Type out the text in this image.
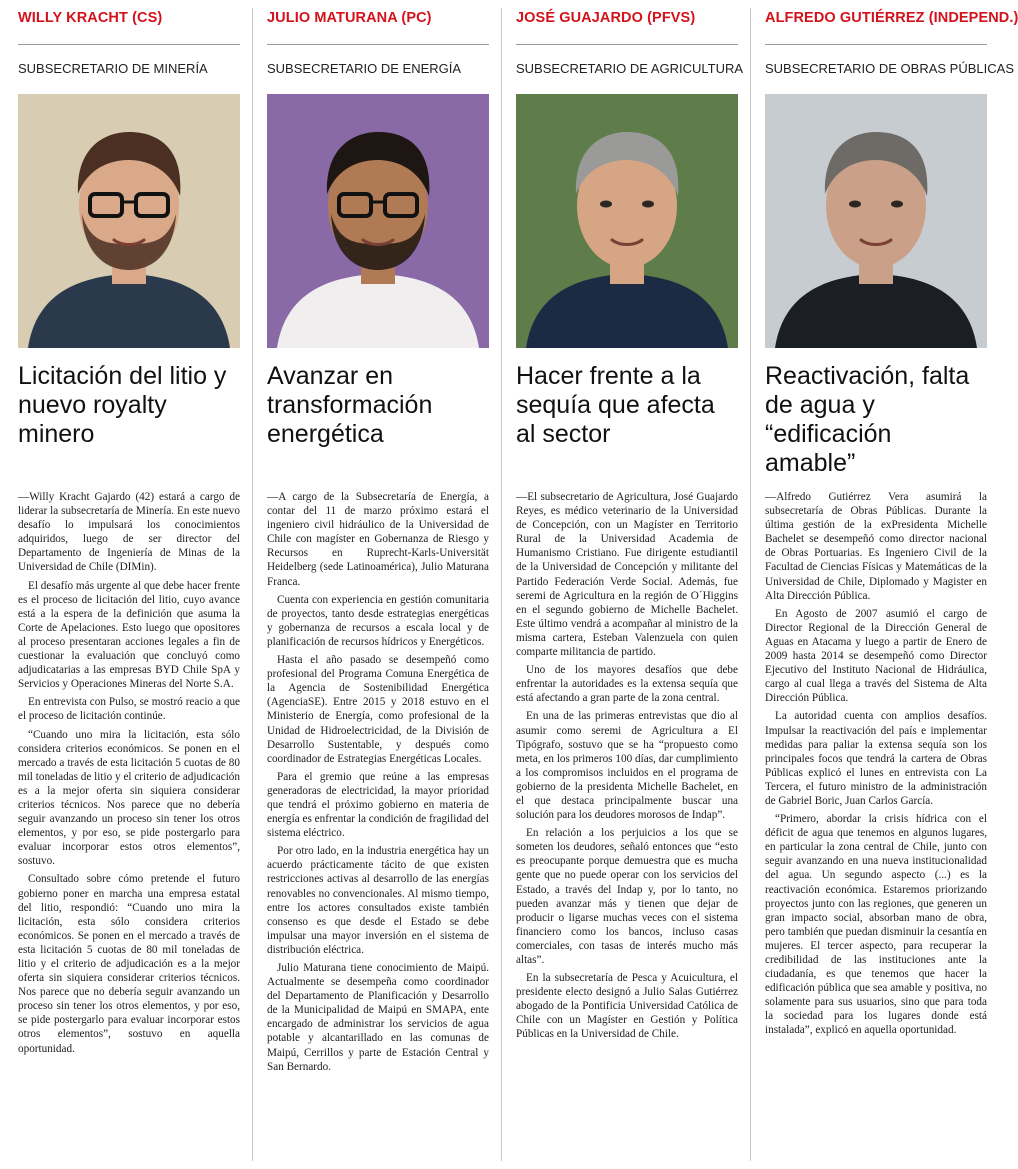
WILLY KRACHT (CS)
SUBSECRETARIO DE MINERÍA
Licitación del litio y nuevo royalty minero

—Willy Kracht Gajardo (42) estará a cargo de liderar la subsecretaría de Minería. En este nuevo desafío lo impulsará los conocimientos adquiridos, luego de ser director del Departamento de Ingeniería de Minas de la Universidad de Chile (DIMin).

El desafío más urgente al que debe hacer frente es el proceso de licitación del litio, cuyo avance está a la espera de la definición que asuma la Corte de Apelaciones. Esto luego que opositores al proceso presentaran acciones legales a fin de cuestionar la evaluación que concluyó como adjudicatarias a las empresas BYD Chile SpA y Servicios y Operaciones Mineras del Norte S.A.

En entrevista con Pulso, se mostró reacio a que el proceso de licitación continúe.

“Cuando uno mira la licitación, esta sólo considera criterios económicos. Se ponen en el mercado a través de esta licitación 5 cuotas de 80 mil toneladas de litio y el criterio de adjudicación es a la mejor oferta sin siquiera considerar criterios técnicos. Nos parece que no debería seguir avanzando un proceso sin tener los otros elementos, y por eso, se pide postergarlo para evaluar incorporar estos otros elementos”, sostuvo.

Consultado sobre cómo pretende el futuro gobierno poner en marcha una empresa estatal del litio, respondió: “Cuando uno mira la licitación, esta sólo considera criterios económicos. Se ponen en el mercado a través de esta licitación 5 cuotas de 80 mil toneladas de litio y el criterio de adjudicación es a la mejor oferta sin siquiera considerar criterios técnicos. Nos parece que no debería seguir avanzando un proceso sin tener los otros elementos, y por eso, se pide postergarlo para evaluar incorporar estos otros elementos”, sostuvo en aquella oportunidad.

JULIO MATURANA (PC)
SUBSECRETARIO DE ENERGÍA
Avanzar en transformación energética

—A cargo de la Subsecretaría de Energía, a contar del 11 de marzo próximo estará el ingeniero civil hidráulico de la Universidad de Chile con magíster en Gobernanza de Riesgo y Recursos en Ruprecht-Karls-Universität Heidelberg (sede Latinoamérica), Julio Maturana Franca.

Cuenta con experiencia en gestión comunitaria de proyectos, tanto desde estrategias energéticas y gobernanza de recursos a escala local y de planificación de recursos hídricos y Energéticos.

Hasta el año pasado se desempeñó como profesional del Programa Comuna Energética de la Agencia de Sostenibilidad Energética (AgenciaSE). Entre 2015 y 2018 estuvo en el Ministerio de Energía, como profesional de la Unidad de Hidroelectricidad, de la División de Desarrollo Sustentable, y después como coordinador de Estrategias Energéticas Locales.

Para el gremio que reúne a las empresas generadoras de electricidad, la mayor prioridad que tendrá el próximo gobierno en materia de energía es enfrentar la condición de fragilidad del sistema eléctrico.

Por otro lado, en la industria energética hay un acuerdo prácticamente tácito de que existen restricciones activas al desarrollo de las energías renovables no convencionales. Al mismo tiempo, entre los actores consultados existe también consenso es que desde el Estado se debe impulsar una mayor inversión en el sistema de distribución eléctrica.

Julio Maturana tiene conocimiento de Maipú. Actualmente se desempeña como coordinador del Departamento de Planificación y Desarrollo de la Municipalidad de Maipú en SMAPA, ente encargado de administrar los servicios de agua potable y alcantarillado en las comunas de Maipú, Cerrillos y parte de Estación Central y San Bernardo.

JOSÉ GUAJARDO (PFVS)
SUBSECRETARIO DE AGRICULTURA
Hacer frente a la sequía que afecta al sector

—El subsecretario de Agricultura, José Guajardo Reyes, es médico veterinario de la Universidad de Concepción, con un Magíster en Territorio Rural de la Universidad Academia de Humanismo Cristiano. Fue dirigente estudiantil de la Universidad de Concepción y militante del Partido Federación Verde Social. Además, fue seremi de Agricultura en la región de O´Higgins en el segundo gobierno de Michelle Bachelet. Este último vendrá a acompañar al ministro de la misma cartera, Esteban Valenzuela con quien comparte militancia de partido.

Uno de los mayores desafíos que debe enfrentar la autoridades es la extensa sequía que está afectando a gran parte de la zona central.

En una de las primeras entrevistas que dio al asumir como seremi de Agricultura a El Tipógrafo, sostuvo que se ha “propuesto como meta, en los primeros 100 días, dar cumplimiento a los compromisos incluidos en el programa de gobierno de la presidenta Michelle Bachelet, en el que destaca principalmente buscar una solución para los deudores morosos de Indap”.

En relación a los perjuicios a los que se someten los deudores, señaló entonces que “esto es preocupante porque demuestra que es mucha gente que no puede operar con los servicios del Estado, a través del Indap y, por lo tanto, no pueden avanzar más y tienen que dejar de producir o ligarse muchas veces con el sistema financiero como los bancos, incluso casas comerciales, con tasas de interés mucho más altas”.

En la subsecretaría de Pesca y Acuicultura, el presidente electo designó a Julio Salas Gutiérrez abogado de la Pontificia Universidad Católica de Chile con un Magíster en Gestión y Política Públicas en la Universidad de Chile.

ALFREDO GUTIÉRREZ (INDEPEND.)
SUBSECRETARIO DE OBRAS PÚBLICAS
Reactivación, falta de agua y “edificación amable”

—Alfredo Gutiérrez Vera asumirá la subsecretaría de Obras Públicas. Durante la última gestión de la exPresidenta Michelle Bachelet se desempeñó como director nacional de Obras Portuarias. Es Ingeniero Civil de la Facultad de Ciencias Físicas y Matemáticas de la Universidad de Chile, Diplomado y Magister en Alta Dirección Pública.

En Agosto de 2007 asumió el cargo de Director Regional de la Dirección General de Aguas en Atacama y luego a partir de Enero de 2009 hasta 2014 se desempeñó como Director Ejecutivo del Instituto Nacional de Hidráulica, cargo al cual llega a través del Sistema de Alta Dirección Pública.

La autoridad cuenta con amplios desafíos. Impulsar la reactivación del país e implementar medidas para paliar la extensa sequía son los principales focos que tendrá la cartera de Obras Públicas explicó el lunes en entrevista con La Tercera, el futuro ministro de la administración de Gabriel Boric, Juan Carlos García.

“Primero, abordar la crisis hídrica con el déficit de agua que tenemos en algunos lugares, en particular la zona central de Chile, junto con seguir avanzando en una nueva institucionalidad del agua. Un segundo aspecto (...) es la reactivación económica. Estaremos priorizando proyectos junto con las regiones, que generen un gran impacto social, absorban mano de obra, pero también que puedan disminuir la cesantía en mujeres. El tercer aspecto, para recuperar la credibilidad de las instituciones ante la ciudadanía, es que tenemos que hacer la edificación pública que sea amable y positiva, no solamente para sus usuarios, sino que para toda la sociedad para los lugares donde está instalada”, explicó en aquella oportunidad.
